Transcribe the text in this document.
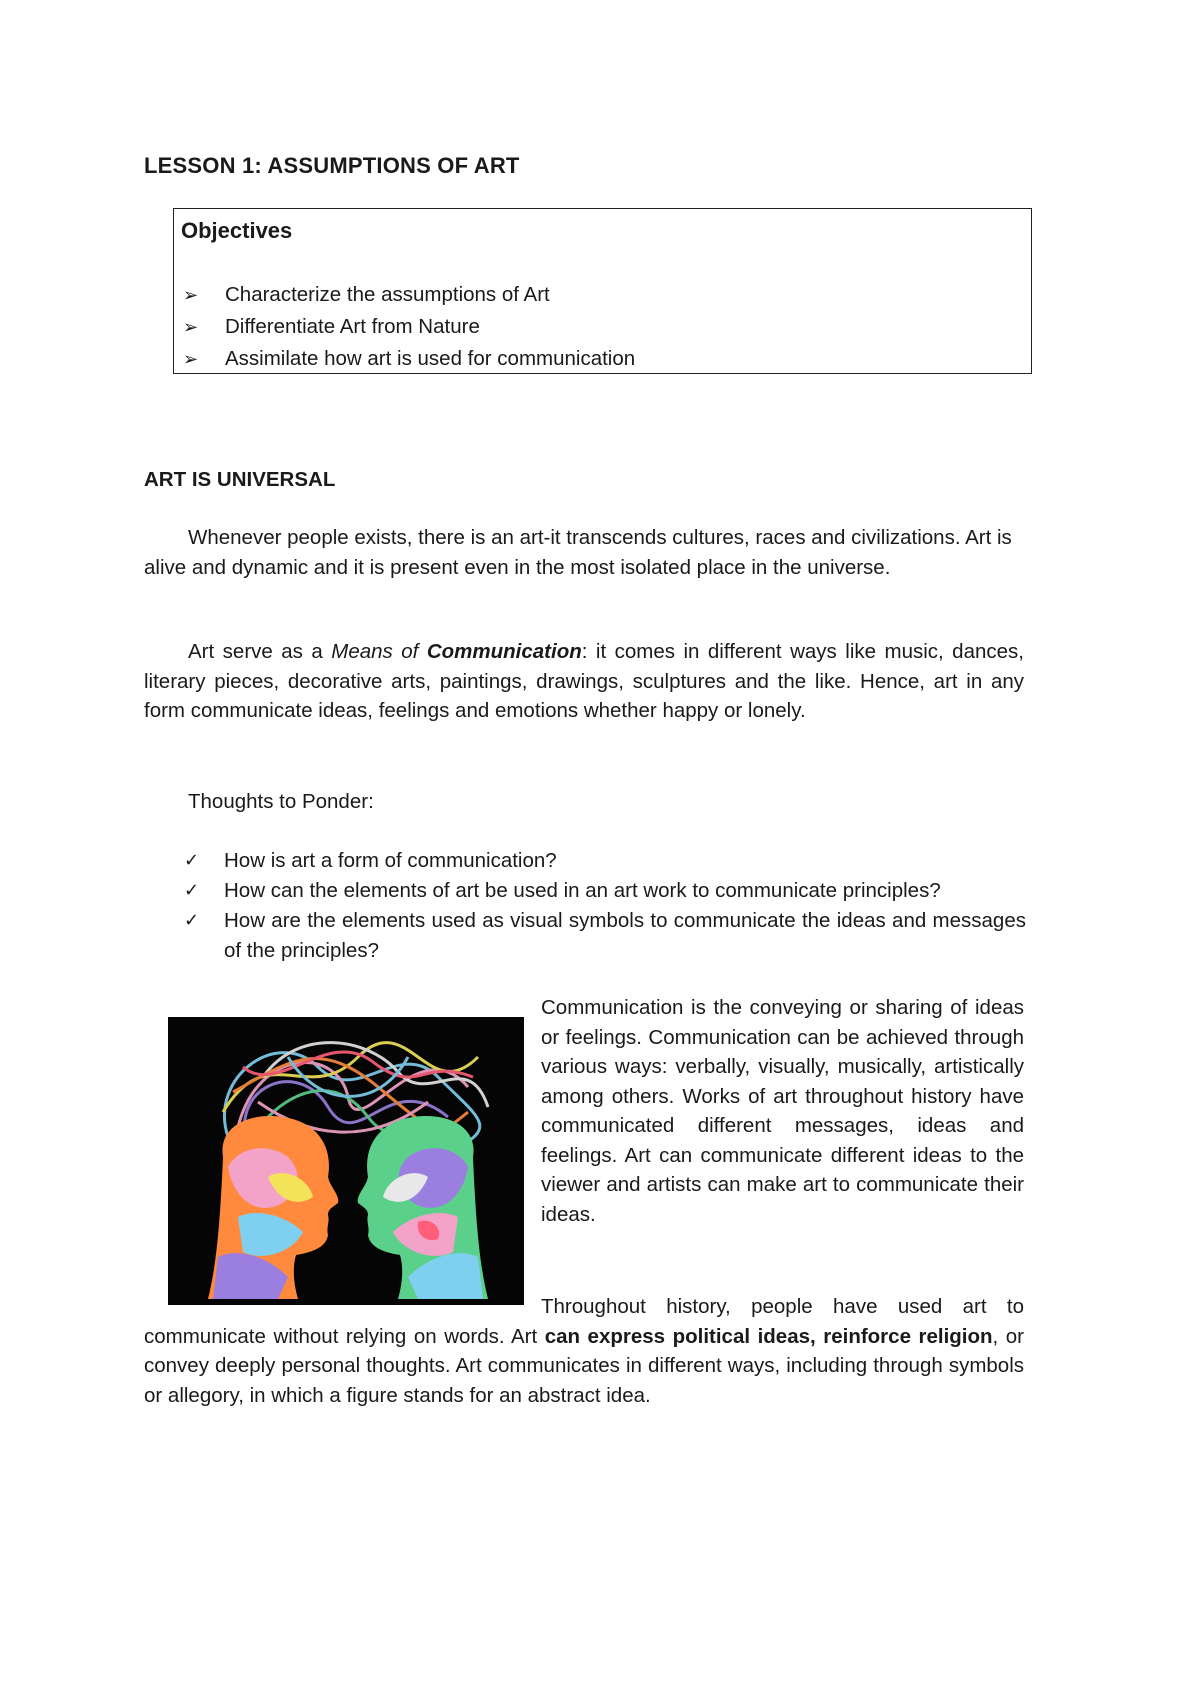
LESSON 1: ASSUMPTIONS OF ART
Objectives
➢ Characterize the assumptions of Art
➢ Differentiate Art from Nature
➢ Assimilate how art is used for communication
ART IS UNIVERSAL
Whenever people exists, there is an art-it transcends cultures, races and civilizations. Art is alive and dynamic and it is present even in the most isolated place in the universe.
Art serve as a Means of Communication: it comes in different ways like music, dances, literary pieces, decorative arts, paintings, drawings, sculptures and the like. Hence, art in any form communicate ideas, feelings and emotions whether happy or lonely.
Thoughts to Ponder:
✓ How is art a form of communication?
✓ How can the elements of art be used in an art work to communicate principles?
✓ How are the elements used as visual symbols to communicate the ideas and messages of the principles?
Communication is the conveying or sharing of ideas or feelings. Communication can be achieved through various ways: verbally, visually, musically, artistically among others. Works of art throughout history have communicated different messages, ideas and feelings. Art can communicate different ideas to the viewer and artists can make art to communicate their ideas.
Throughout history, people have used art to communicate without relying on words. Art can express political ideas, reinforce religion, or convey deeply personal thoughts. Art communicates in different ways, including through symbols or allegory, in which a figure stands for an abstract idea.
